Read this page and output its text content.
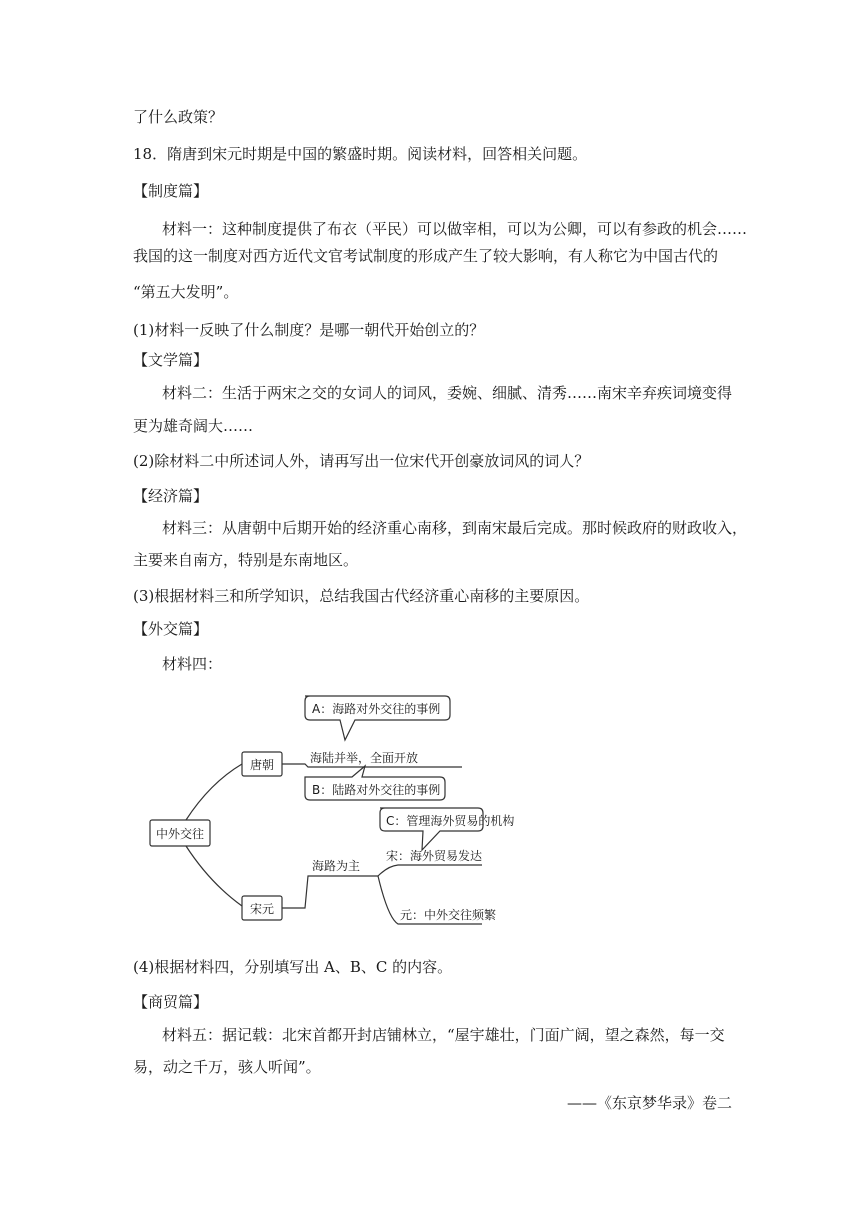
了什么政策？
18．隋唐到宋元时期是中国的繁盛时期。阅读材料，回答相关问题。
【制度篇】
材料一：这种制度提供了布衣（平民）可以做宰相，可以为公卿，可以有参政的机会……
我国的这一制度对西方近代文官考试制度的形成产生了较大影响，有人称它为中国古代的
“第五大发明”。
(1)材料一反映了什么制度？是哪一朝代开始创立的？
【文学篇】
材料二：生活于两宋之交的女词人的词风，委婉、细腻、清秀……南宋辛弃疾词境变得
更为雄奇阔大……
(2)除材料二中所述词人外，请再写出一位宋代开创豪放词风的词人？
【经济篇】
材料三：从唐朝中后期开始的经济重心南移，到南宋最后完成。那时候政府的财政收入，
主要来自南方，特别是东南地区。
(3)根据材料三和所学知识，总结我国古代经济重心南移的主要原因。
【外交篇】
材料四：
中外交往
唐朝	海陆并举，全面开放
A：海路对外交往的事例
B：陆路对外交往的事例
宋元
海路为主
宋：海外贸易发达
元：中外交往频繁
C：管理海外贸易的机构
(4)根据材料四，分别填写出 A、B、C 的内容。
【商贸篇】
材料五：据记载：北宋首都开封店铺林立，“屋宇雄壮，门面广阔，望之森然，每一交
易，动之千万，骇人听闻”。
——《东京梦华录》卷二
